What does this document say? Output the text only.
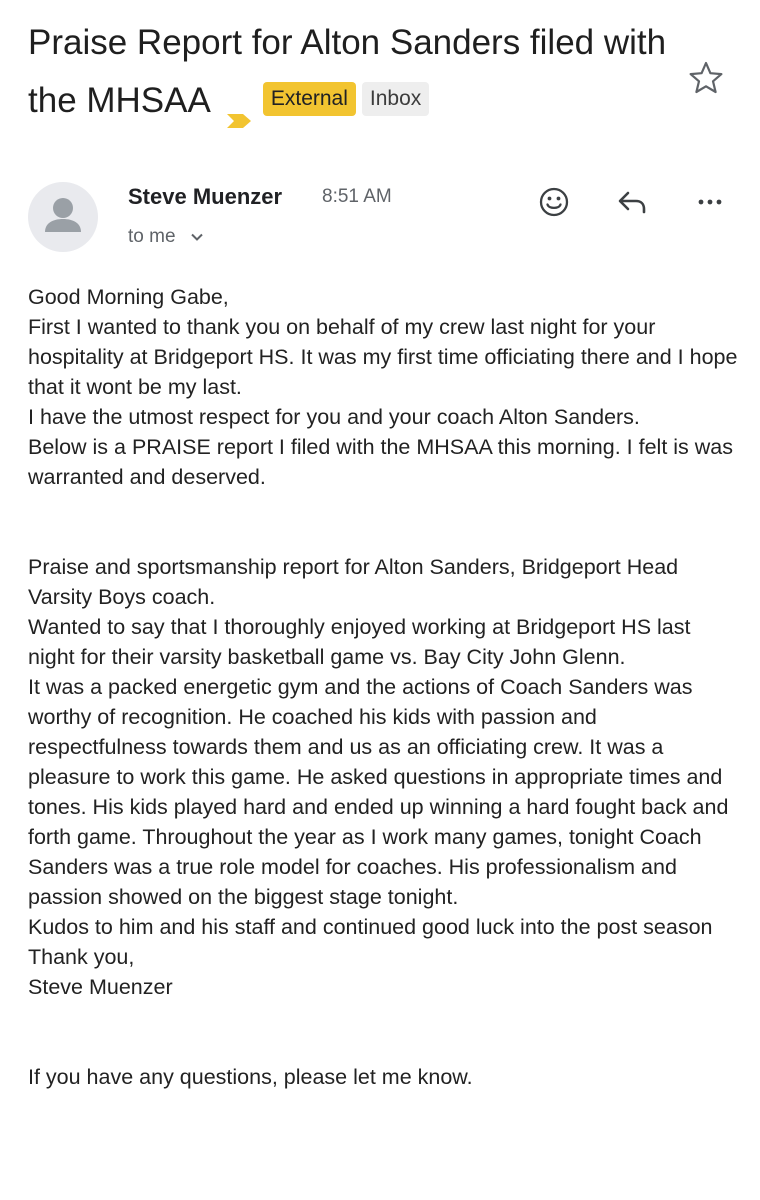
Praise Report for Alton Sanders filed with the MHSAA	External Inbox
Steve Muenzer 8:51 AM
to me

Good Morning Gabe,
First I wanted to thank you on behalf of my crew last night for your hospitality at Bridgeport HS. It was my first time officiating there and I hope that it wont be my last.
I have the utmost respect for you and your coach Alton Sanders.
Below is a PRAISE report I filed with the MHSAA this morning. I felt is was warranted and deserved.

Praise and sportsmanship report for Alton Sanders, Bridgeport Head Varsity Boys coach.
Wanted to say that I thoroughly enjoyed working at Bridgeport HS last night for their varsity basketball game vs. Bay City John Glenn.
It was a packed energetic gym and the actions of Coach Sanders was worthy of recognition. He coached his kids with passion and respectfulness towards them and us as an officiating crew. It was a pleasure to work this game. He asked questions in appropriate times and tones. His kids played hard and ended up winning a hard fought back and forth game. Throughout the year as I work many games, tonight Coach Sanders was a true role model for coaches. His professionalism and passion showed on the biggest stage tonight.
Kudos to him and his staff and continued good luck into the post season
Thank you,
Steve Muenzer

If you have any questions, please let me know.
